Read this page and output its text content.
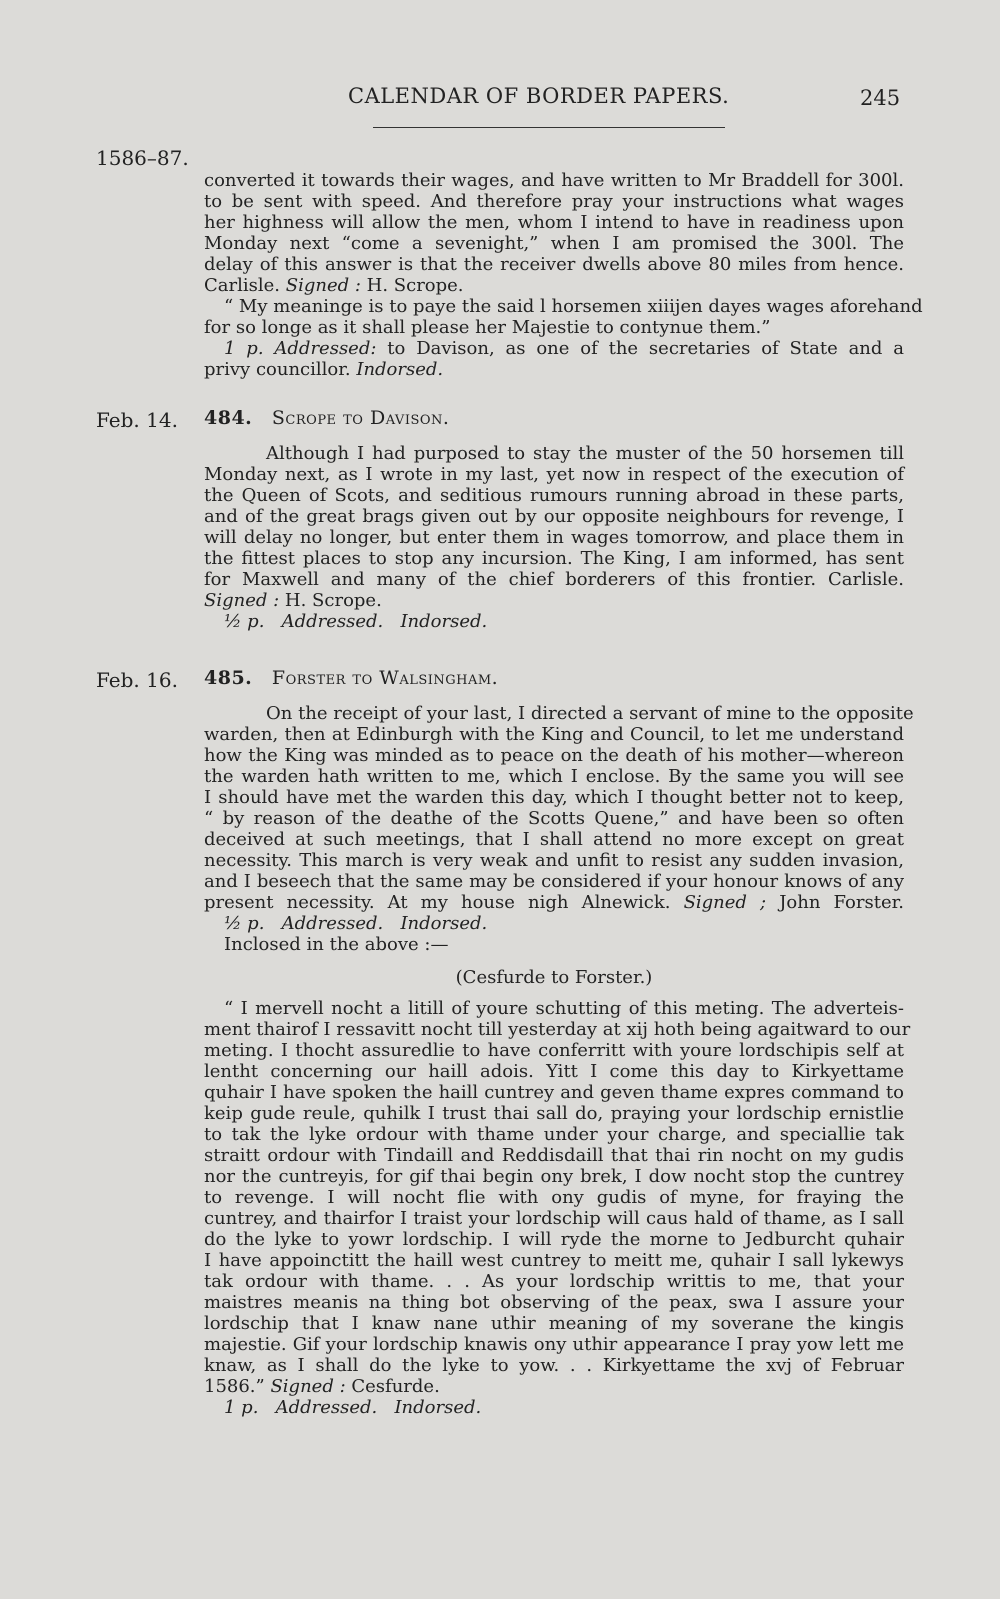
CALENDAR OF BORDER PAPERS.	245
1586–87.
converted it towards their wages, and have written to Mr Braddell for 300l.
to be sent with speed. And therefore pray your instructions what wages
her highness will allow the men, whom I intend to have in readiness upon
Monday next “come a sevenight,” when I am promised the 300l. The
delay of this answer is that the receiver dwells above 80 miles from hence.
Carlisle. Signed : H. Scrope.
“ My meaninge is to paye the said l horsemen xiiijen dayes wages aforehand
for so longe as it shall please her Majestie to contynue them.”
1 p. Addressed: to Davison, as one of the secretaries of State and a
privy councillor. Indorsed.
Feb. 14. 484. Scrope to Davison.
Although I had purposed to stay the muster of the 50 horsemen till
Monday next, as I wrote in my last, yet now in respect of the execution of
the Queen of Scots, and seditious rumours running abroad in these parts,
and of the great brags given out by our opposite neighbours for revenge, I
will delay no longer, but enter them in wages tomorrow, and place them in
the fittest places to stop any incursion. The King, I am informed, has sent
for Maxwell and many of the chief borderers of this frontier. Carlisle.
Signed : H. Scrope.
½ p. Addressed. Indorsed.
Feb. 16. 485. Forster to Walsingham.
On the receipt of your last, I directed a servant of mine to the opposite
warden, then at Edinburgh with the King and Council, to let me understand
how the King was minded as to peace on the death of his mother—whereon
the warden hath written to me, which I enclose. By the same you will see
I should have met the warden this day, which I thought better not to keep,
“ by reason of the deathe of the Scotts Quene,” and have been so often
deceived at such meetings, that I shall attend no more except on great
necessity. This march is very weak and unfit to resist any sudden invasion,
and I beseech that the same may be considered if your honour knows of any
present necessity. At my house nigh Alnewick. Signed ; John Forster.
½ p. Addressed. Indorsed.
Inclosed in the above :—
(Cesfurde to Forster.)
“ I mervell nocht a litill of youre schutting of this meting. The adverteis-
ment thairof I ressavitt nocht till yesterday at xij hoth being agaitward to our
meting. I thocht assuredlie to have conferritt with youre lordschipis self at
lentht concerning our haill adois. Yitt I come this day to Kirkyettame
quhair I have spoken the haill cuntrey and geven thame expres command to
keip gude reule, quhilk I trust thai sall do, praying your lordschip ernistlie
to tak the lyke ordour with thame under your charge, and speciallie tak
straitt ordour with Tindaill and Reddisdaill that thai rin nocht on my gudis
nor the cuntreyis, for gif thai begin ony brek, I dow nocht stop the cuntrey
to revenge. I will nocht flie with ony gudis of myne, for fraying the
cuntrey, and thairfor I traist your lordschip will caus hald of thame, as I sall
do the lyke to yowr lordschip. I will ryde the morne to Jedburcht quhair
I have appoinctitt the haill west cuntrey to meitt me, quhair I sall lykewys
tak ordour with thame. . . As your lordschip writtis to me, that your
maistres meanis na thing bot observing of the peax, swa I assure your
lordschip that I knaw nane uthir meaning of my soverane the kingis
majestie. Gif your lordschip knawis ony uthir appearance I pray yow lett me
knaw, as I shall do the lyke to yow. . . Kirkyettame the xvj of Februar
1586.” Signed : Cesfurde.
1 p. Addressed. Indorsed.
